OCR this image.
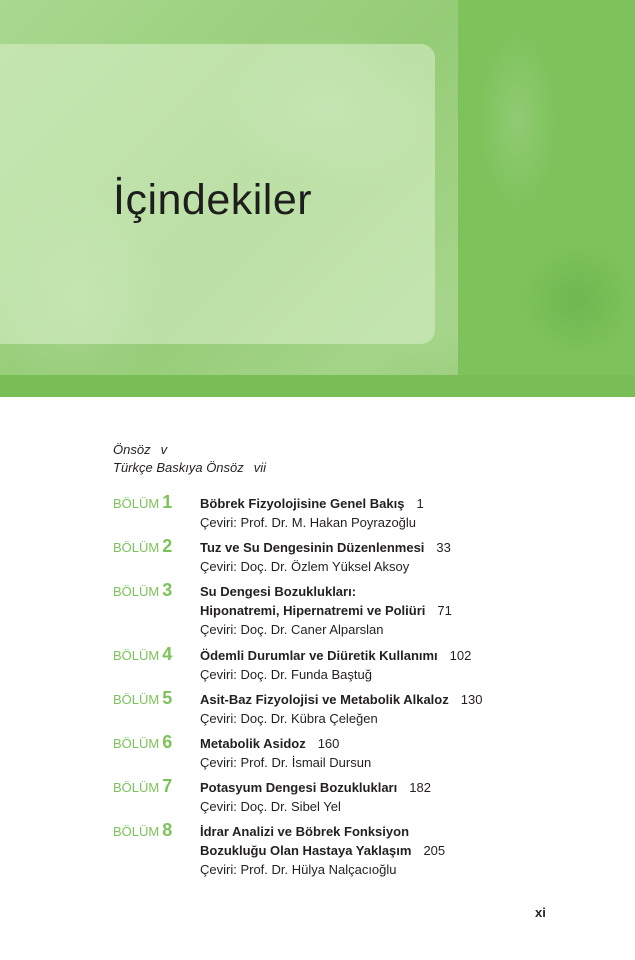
İçindekiler
Önsöz v
Türkçe Baskıya Önsöz vii
BÖLÜM 1 Böbrek Fizyolojisine Genel Bakış 1
Çeviri: Prof. Dr. M. Hakan Poyrazoğlu
BÖLÜM 2 Tuz ve Su Dengesinin Düzenlenmesi 33
Çeviri: Doç. Dr. Özlem Yüksel Aksoy
BÖLÜM 3 Su Dengesi Bozuklukları:
Hiponatremi, Hipernatremi ve Poliüri 71
Çeviri: Doç. Dr. Caner Alparslan
BÖLÜM 4 Ödemli Durumlar ve Diüretik Kullanımı 102
Çeviri: Doç. Dr. Funda Baştuğ
BÖLÜM 5 Asit-Baz Fizyolojisi ve Metabolik Alkaloz 130
Çeviri: Doç. Dr. Kübra Çeleğen
BÖLÜM 6 Metabolik Asidoz 160
Çeviri: Prof. Dr. İsmail Dursun
BÖLÜM 7 Potasyum Dengesi Bozuklukları 182
Çeviri: Doç. Dr. Sibel Yel
BÖLÜM 8 İdrar Analizi ve Böbrek Fonksiyon
Bozukluğu Olan Hastaya Yaklaşım 205
Çeviri: Prof. Dr. Hülya Nalçacıoğlu
xi
